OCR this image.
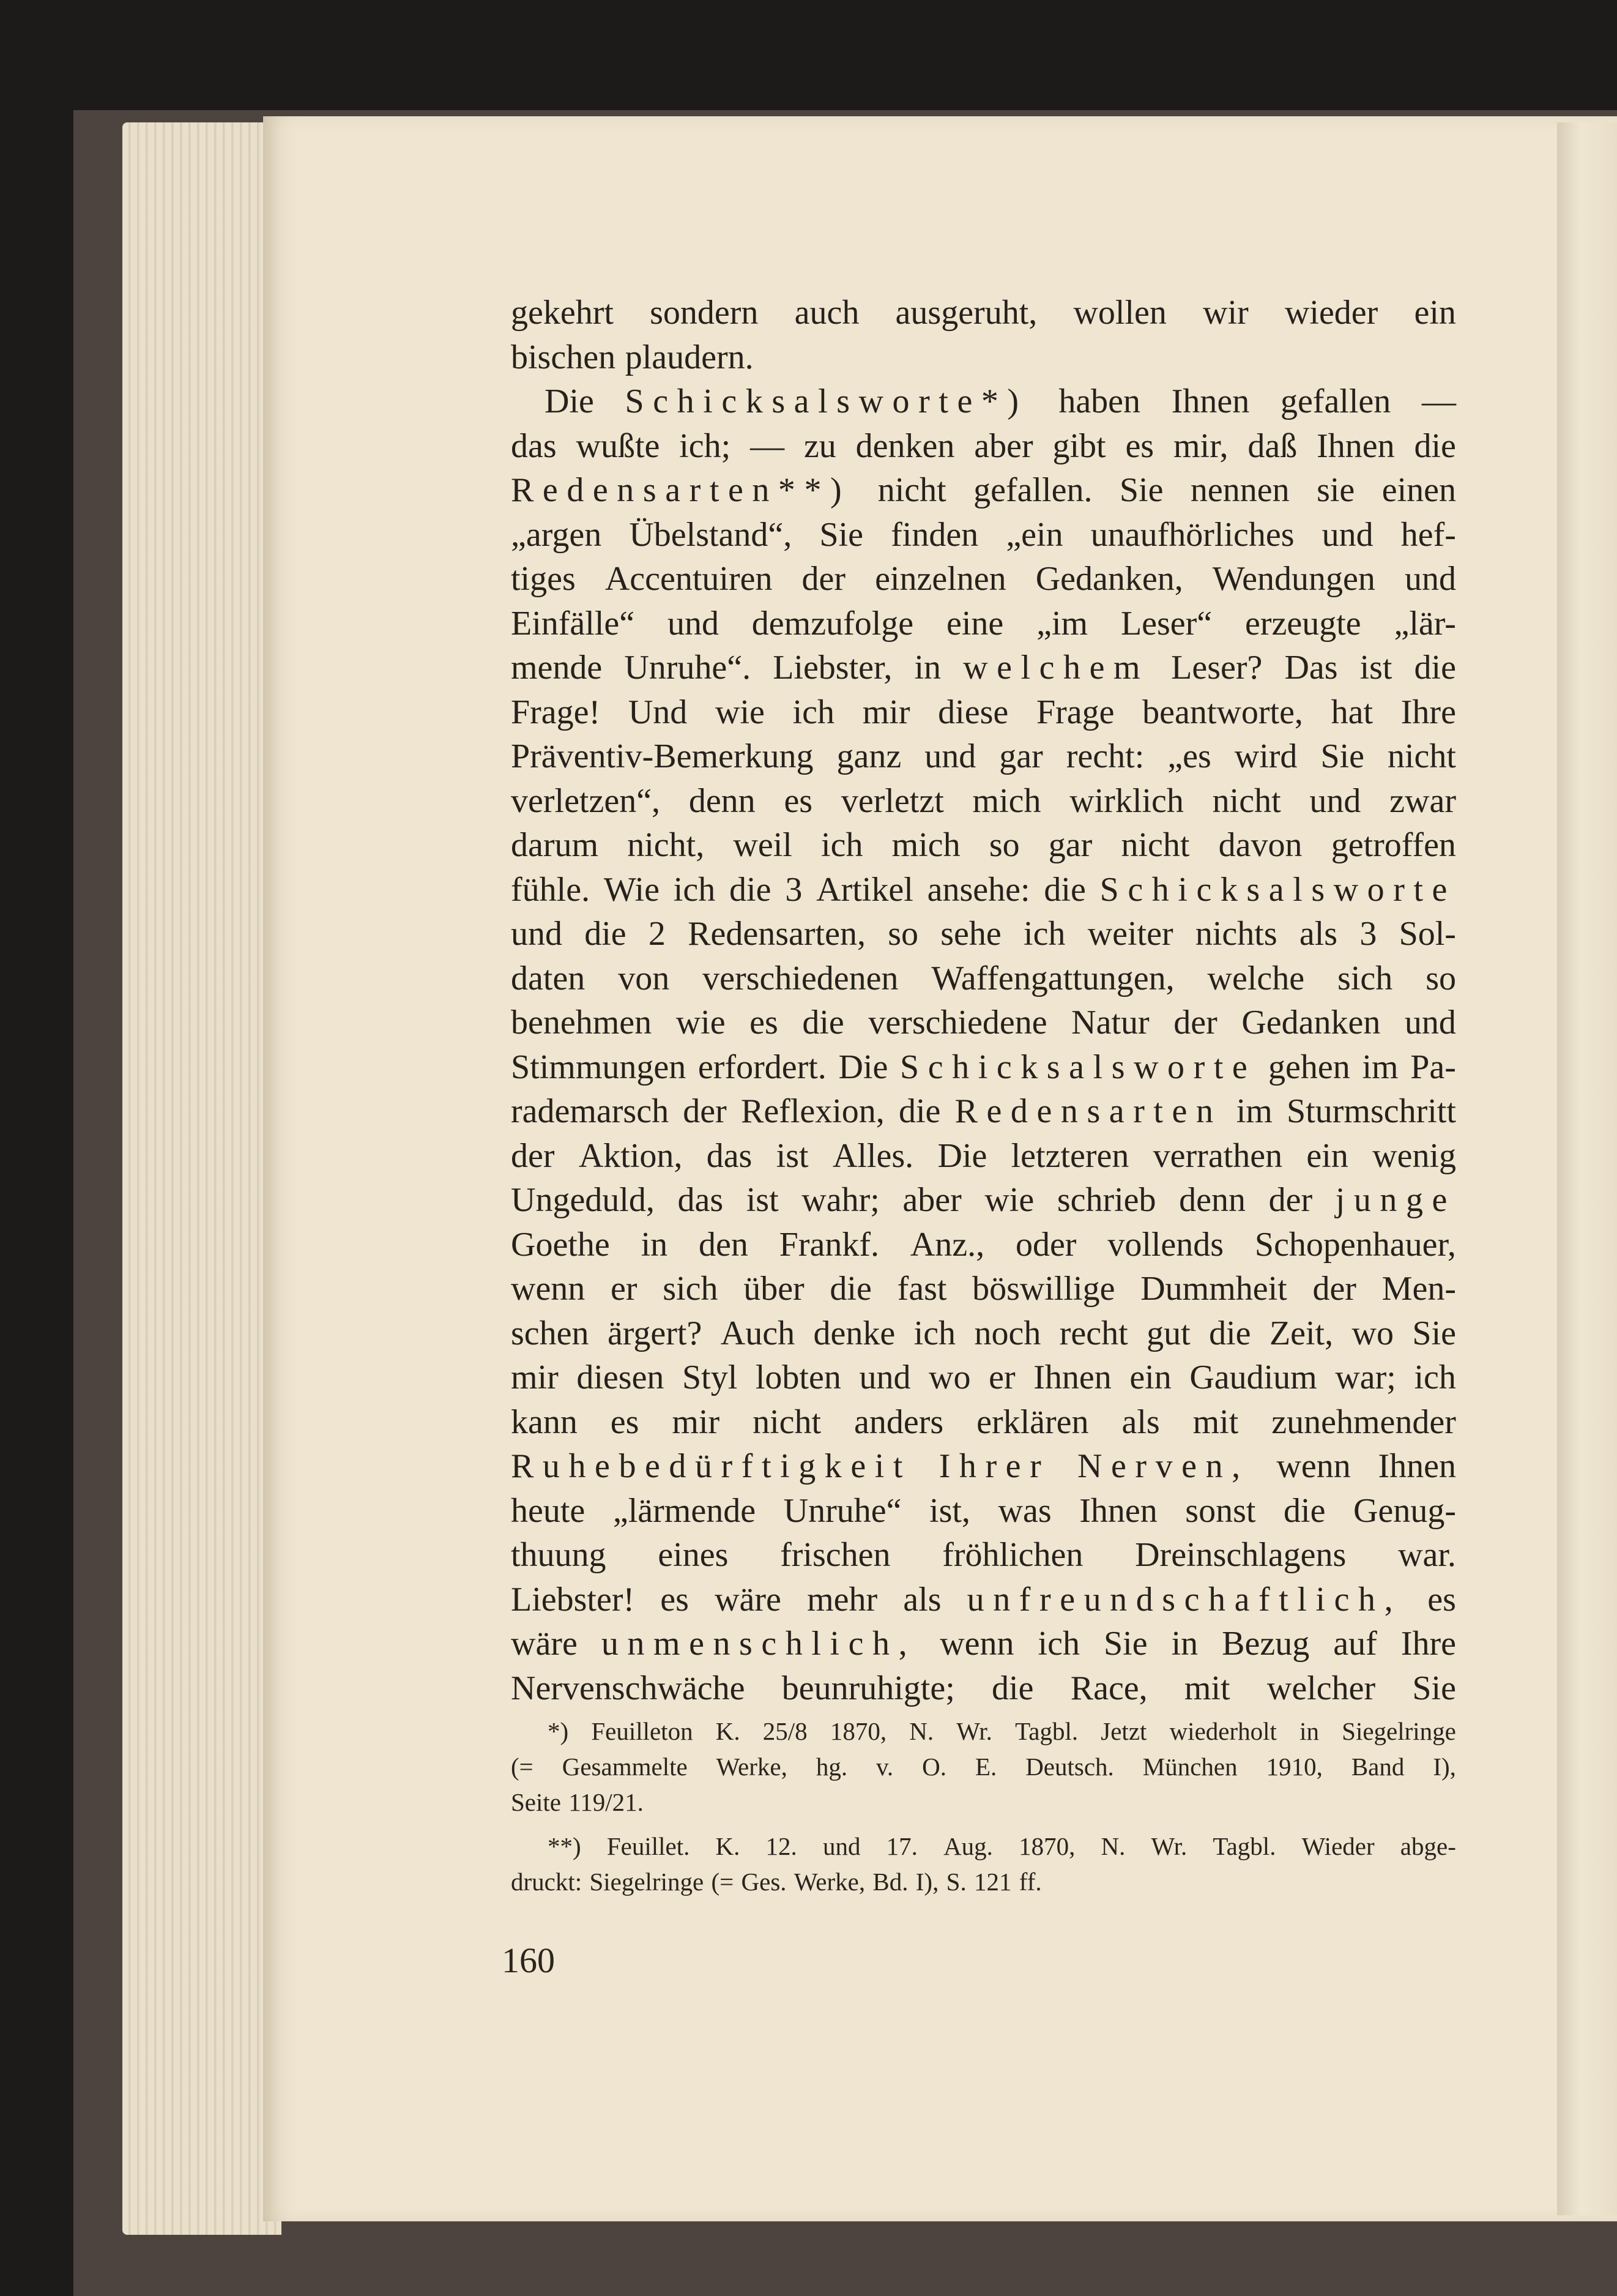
gekehrt sondern auch ausgeruht, wollen wir wieder ein
bischen plaudern.
Die Schicksalsworte*) haben Ihnen gefallen —
das wußte ich; — zu denken aber gibt es mir, daß Ihnen die
Redensarten**) nicht gefallen. Sie nennen sie einen
„argen Übelstand“, Sie finden „ein unaufhörliches und hef-
tiges Accentuiren der einzelnen Gedanken, Wendungen und
Einfälle“ und demzufolge eine „im Leser“ erzeugte „lär-
mende Unruhe“. Liebster, in welchem Leser? Das ist die
Frage! Und wie ich mir diese Frage beantworte, hat Ihre
Präventiv-Bemerkung ganz und gar recht: „es wird Sie nicht
verletzen“, denn es verletzt mich wirklich nicht und zwar
darum nicht, weil ich mich so gar nicht davon getroffen
fühle. Wie ich die 3 Artikel ansehe: die Schicksalsworte
und die 2 Redensarten, so sehe ich weiter nichts als 3 Sol-
daten von verschiedenen Waffengattungen, welche sich so
benehmen wie es die verschiedene Natur der Gedanken und
Stimmungen erfordert. Die Schicksalsworte gehen im Pa-
rademarsch der Reflexion, die Redensarten im Sturmschritt
der Aktion, das ist Alles. Die letzteren verrathen ein wenig
Ungeduld, das ist wahr; aber wie schrieb denn der junge
Goethe in den Frankf. Anz., oder vollends Schopenhauer,
wenn er sich über die fast böswillige Dummheit der Men-
schen ärgert? Auch denke ich noch recht gut die Zeit, wo Sie
mir diesen Styl lobten und wo er Ihnen ein Gaudium war; ich
kann es mir nicht anders erklären als mit zunehmender
Ruhebedürftigkeit Ihrer Nerven, wenn Ihnen
heute „lärmende Unruhe“ ist, was Ihnen sonst die Genug-
thuung eines frischen fröhlichen Dreinschlagens war.
Liebster! es wäre mehr als unfreundschaftlich, es
wäre unmenschlich, wenn ich Sie in Bezug auf Ihre
Nervenschwäche beunruhigte; die Race, mit welcher Sie
*) Feuilleton K. 25/8 1870, N. Wr. Tagbl. Jetzt wiederholt in Siegelringe
(= Gesammelte Werke, hg. v. O. E. Deutsch. München 1910, Band I),
Seite 119/21.
**) Feuillet. K. 12. und 17. Aug. 1870, N. Wr. Tagbl. Wieder abge-
druckt: Siegelringe (= Ges. Werke, Bd. I), S. 121 ff.
160
